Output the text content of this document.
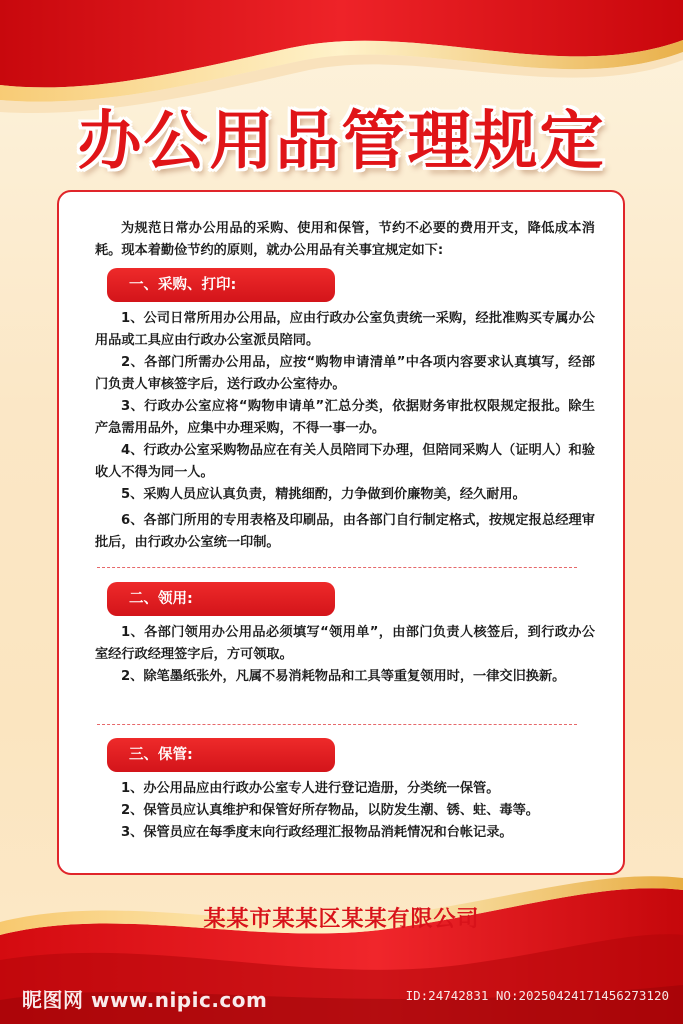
办公用品管理规定

为规范日常办公用品的采购、使用和保管，节约不必要的费用开支，降低成本消耗。现本着勤俭节约的原则，就办公用品有关事宜规定如下:

一、采购、打印:

1、公司日常所用办公用品，应由行政办公室负责统一采购，经批准购买专属办公用品或工具应由行政办公室派员陪同。

2、各部门所需办公用品，应按“购物申请清单”中各项内容要求认真填写，经部门负责人审核签字后，送行政办公室待办。

3、行政办公室应将“购物申请单”汇总分类，依据财务审批权限规定报批。除生产急需用品外，应集中办理采购，不得一事一办。

4、行政办公室采购物品应在有关人员陪同下办理，但陪同采购人（证明人）和验收人不得为同一人。

5、采购人员应认真负责，精挑细酌，力争做到价廉物美，经久耐用。

6、各部门所用的专用表格及印刷品，由各部门自行制定格式，按规定报总经理审批后，由行政办公室统一印制。

二、领用:

1、各部门领用办公用品必须填写“领用单”，由部门负责人核签后，到行政办公室经行政经理签字后，方可领取。

2、除笔墨纸张外，凡属不易消耗物品和工具等重复领用时，一律交旧换新。

三、保管:

1、办公用品应由行政办公室专人进行登记造册，分类统一保管。

2、保管员应认真维护和保管好所存物品，以防发生潮、锈、蛀、毒等。

3、保管员应在每季度末向行政经理汇报物品消耗情况和台帐记录。

某某市某某区某某有限公司
昵图网 www.nipic.com	ID:24742831 NO:20250424171456273120
